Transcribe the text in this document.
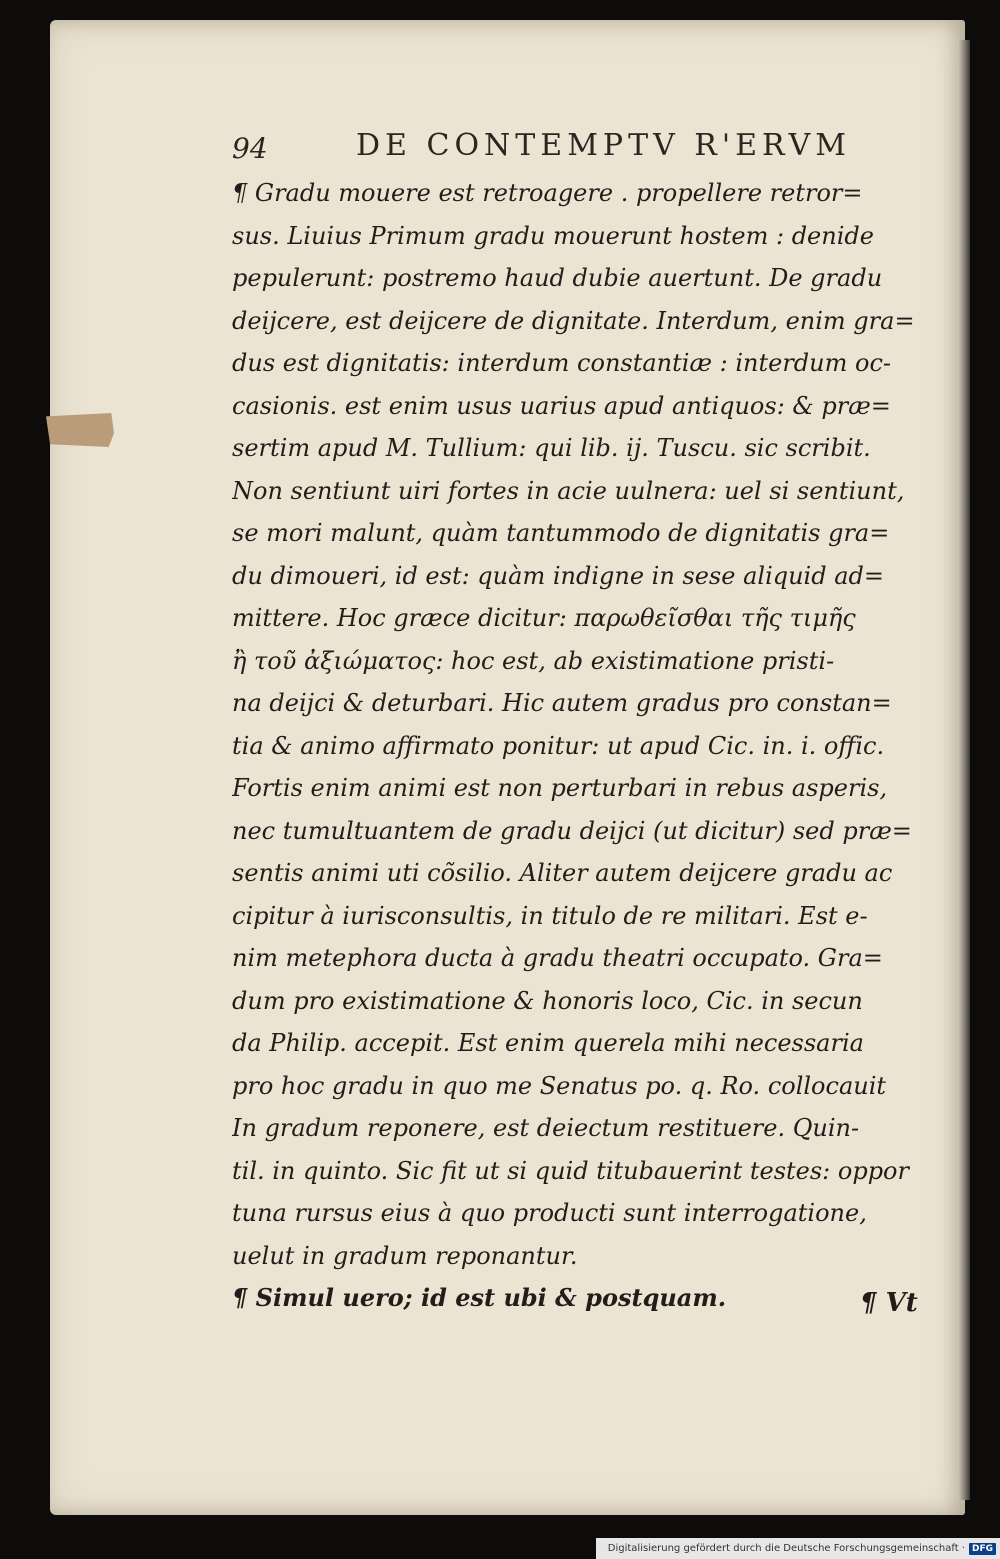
94	DE CONTEMPTV R'ERVM
¶ Gradu mouere est retroagere . propellere retror=
sus. Liuius Primum gradu mouerunt hostem : denide
pepulerunt: postremo haud dubie auertunt. De gradu
deijcere, est deijcere de dignitate. Interdum, enim gra=
dus est dignitatis: interdum constantiæ : interdum oc-
casionis. est enim usus uarius apud antiquos: & præ=
sertim apud M. Tullium: qui lib. ij. Tuscu. sic scribit.
Non sentiunt uiri fortes in acie uulnera: uel si sentiunt,
se mori malunt, quàm tantummodo de dignitatis gra=
du dimoueri, id est: quàm indigne in sese aliquid ad=
mittere. Hoc græce dicitur: παρωθεῖσθαι τῆς τιμῆς
ἢ τοῦ ἀξιώματος: hoc est, ab existimatione pristi-
na deijci & deturbari. Hic autem gradus pro constan=
tia & animo affirmato ponitur: ut apud Cic. in. i. offic.
Fortis enim animi est non perturbari in rebus asperis,
nec tumultuantem de gradu deijci (ut dicitur) sed præ=
sentis animi uti cõsilio. Aliter autem deijcere gradu ac
cipitur à iurisconsultis, in titulo de re militari. Est e-
nim metephora ducta à gradu theatri occupato. Gra=
dum pro existimatione & honoris loco, Cic. in secun
da Philip. accepit. Est enim querela mihi necessaria
pro hoc gradu in quo me Senatus po. q. Ro. collocauit
In gradum reponere, est deiectum restituere. Quin-
til. in quinto. Sic fit ut si quid titubauerint testes: oppor
tuna rursus eius à quo producti sunt interrogatione,
uelut in gradum reponantur.
¶ Simul uero; id est ubi & postquam.	¶ Vt
Digitalisierung gefördert durch die Deutsche Forschungsgemeinschaft · DFG
